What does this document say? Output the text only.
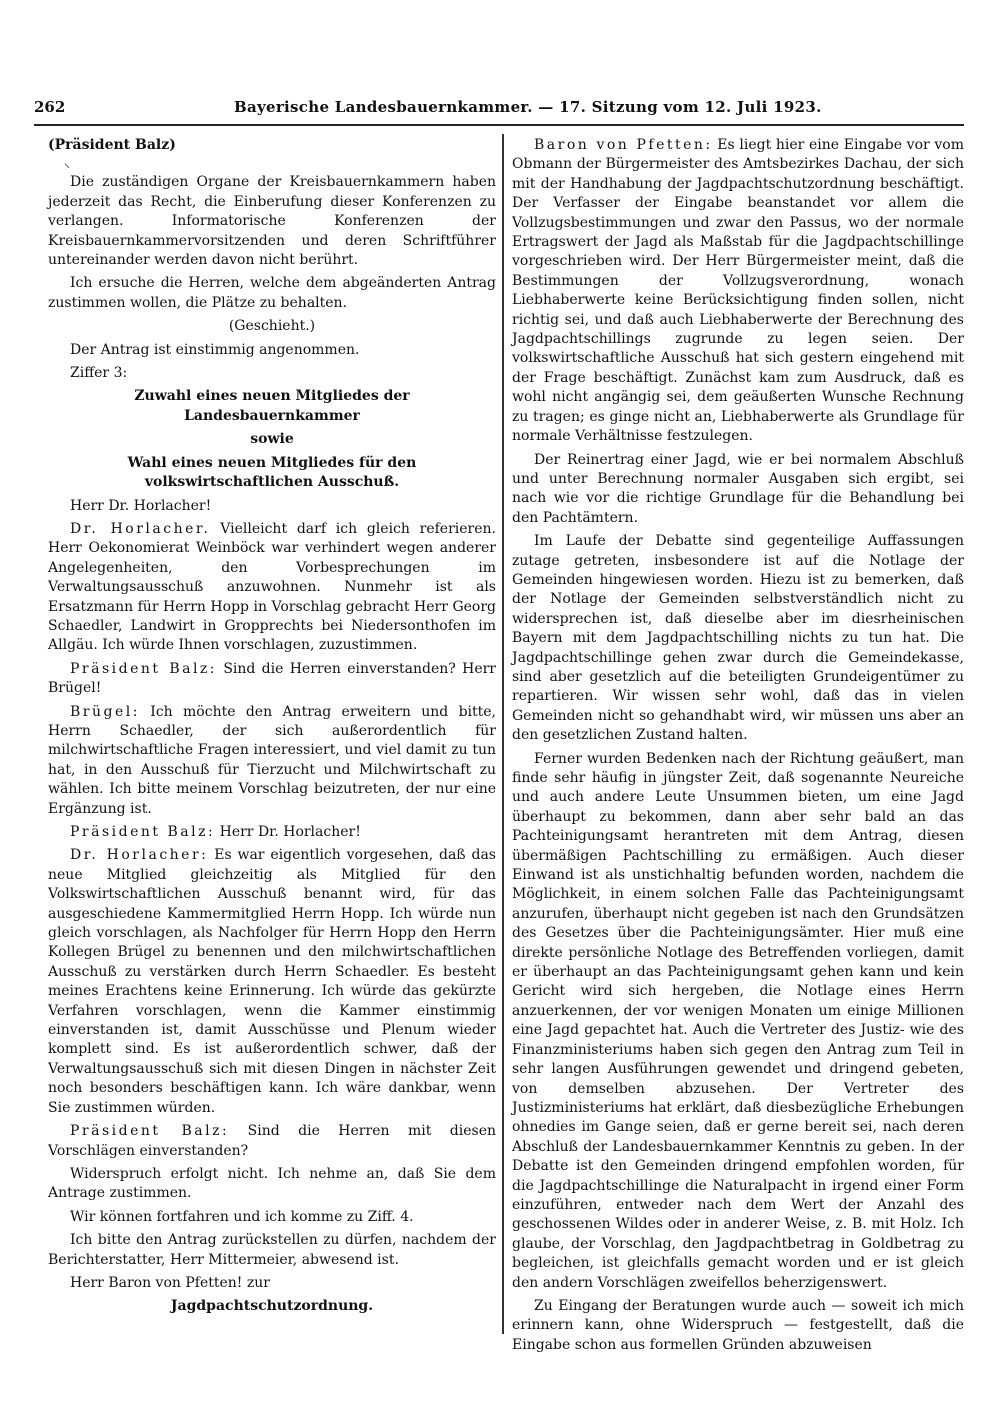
262	Bayerische Landesbauernkammer. — 17. Sitzung vom 12. Juli 1923.

(Präsident Balz)

⸌

Die zuständigen Organe der Kreisbauernkammern haben jederzeit das Recht, die Einberufung dieser Konferenzen zu verlangen. Informatorische Konferenzen der Kreisbauernkammervorsitzenden und deren Schriftführer untereinander werden davon nicht berührt.

Ich ersuche die Herren, welche dem abgeänderten Antrag zustimmen wollen, die Plätze zu behalten.

(Geschieht.)

Der Antrag ist einstimmig angenommen.

Ziffer 3:

Zuwahl eines neuen Mitgliedes der Landesbauernkammer

sowie

Wahl eines neuen Mitgliedes für den volkswirtschaftlichen Ausschuß.

Herr Dr. Horlacher!

Dr. Horlacher. Vielleicht darf ich gleich referieren. Herr Oekonomierat Weinböck war verhindert wegen anderer Angelegenheiten, den Vorbesprechungen im Verwaltungsausschuß anzuwohnen. Nunmehr ist als Ersatzmann für Herrn Hopp in Vorschlag gebracht Herr Georg Schaedler, Landwirt in Gropprechts bei Niedersonthofen im Allgäu. Ich würde Ihnen vorschlagen, zuzustimmen.

Präsident Balz: Sind die Herren einverstanden? Herr Brügel!

Brügel: Ich möchte den Antrag erweitern und bitte, Herrn Schaedler, der sich außerordentlich für milchwirtschaftliche Fragen interessiert, und viel damit zu tun hat, in den Ausschuß für Tierzucht und Milchwirtschaft zu wählen. Ich bitte meinem Vorschlag beizutreten, der nur eine Ergänzung ist.

Präsident Balz: Herr Dr. Horlacher!

Dr. Horlacher: Es war eigentlich vorgesehen, daß das neue Mitglied gleichzeitig als Mitglied für den Volkswirtschaftlichen Ausschuß benannt wird, für das ausgeschiedene Kammermitglied Herrn Hopp. Ich würde nun gleich vorschlagen, als Nachfolger für Herrn Hopp den Herrn Kollegen Brügel zu benennen und den milchwirtschaftlichen Ausschuß zu verstärken durch Herrn Schaedler. Es besteht meines Erachtens keine Erinnerung. Ich würde das gekürzte Verfahren vorschlagen, wenn die Kammer einstimmig einverstanden ist, damit Ausschüsse und Plenum wieder komplett sind. Es ist außerordentlich schwer, daß der Verwaltungsausschuß sich mit diesen Dingen in nächster Zeit noch besonders beschäftigen kann. Ich wäre dankbar, wenn Sie zustimmen würden.

Präsident Balz: Sind die Herren mit diesen Vorschlägen einverstanden?

Widerspruch erfolgt nicht. Ich nehme an, daß Sie dem Antrage zustimmen.

Wir können fortfahren und ich komme zu Ziff. 4.

Ich bitte den Antrag zurückstellen zu dürfen, nachdem der Berichterstatter, Herr Mittermeier, abwesend ist.

Herr Baron von Pfetten! zur

Jagdpachtschutzordnung.

Baron von Pfetten: Es liegt hier eine Eingabe vor vom Obmann der Bürgermeister des Amtsbezirkes Dachau, der sich mit der Handhabung der Jagdpachtschutzordnung beschäftigt. Der Verfasser der Eingabe beanstandet vor allem die Vollzugsbestimmungen und zwar den Passus, wo der normale Ertragswert der Jagd als Maßstab für die Jagdpachtschillinge vorgeschrieben wird. Der Herr Bürgermeister meint, daß die Bestimmungen der Vollzugsverordnung, wonach Liebhaberwerte keine Berücksichtigung finden sollen, nicht richtig sei, und daß auch Liebhaberwerte der Berechnung des Jagdpachtschillings zugrunde zu legen seien. Der volkswirtschaftliche Ausschuß hat sich gestern eingehend mit der Frage beschäftigt. Zunächst kam zum Ausdruck, daß es wohl nicht angängig sei, dem geäußerten Wunsche Rechnung zu tragen; es ginge nicht an, Liebhaberwerte als Grundlage für normale Verhältnisse festzulegen.

Der Reinertrag einer Jagd, wie er bei normalem Abschluß und unter Berechnung normaler Ausgaben sich ergibt, sei nach wie vor die richtige Grundlage für die Behandlung bei den Pachtämtern.

Im Laufe der Debatte sind gegenteilige Auffassungen zutage getreten, insbesondere ist auf die Notlage der Gemeinden hingewiesen worden. Hiezu ist zu bemerken, daß der Notlage der Gemeinden selbstverständlich nicht zu widersprechen ist, daß dieselbe aber im diesrheinischen Bayern mit dem Jagdpachtschilling nichts zu tun hat. Die Jagdpachtschillinge gehen zwar durch die Gemeindekasse, sind aber gesetzlich auf die beteiligten Grundeigentümer zu repartieren. Wir wissen sehr wohl, daß das in vielen Gemeinden nicht so gehandhabt wird, wir müssen uns aber an den gesetzlichen Zustand halten.

Ferner wurden Bedenken nach der Richtung geäußert, man finde sehr häufig in jüngster Zeit, daß sogenannte Neureiche und auch andere Leute Unsummen bieten, um eine Jagd überhaupt zu bekommen, dann aber sehr bald an das Pachteinigungsamt herantreten mit dem Antrag, diesen übermäßigen Pachtschilling zu ermäßigen. Auch dieser Einwand ist als unstichhaltig befunden worden, nachdem die Möglichkeit, in einem solchen Falle das Pachteinigungsamt anzurufen, überhaupt nicht gegeben ist nach den Grundsätzen des Gesetzes über die Pachteinigungsämter. Hier muß eine direkte persönliche Notlage des Betreffenden vorliegen, damit er überhaupt an das Pachteinigungsamt gehen kann und kein Gericht wird sich hergeben, die Notlage eines Herrn anzuerkennen, der vor wenigen Monaten um einige Millionen eine Jagd gepachtet hat. Auch die Vertreter des Justiz- wie des Finanzministeriums haben sich gegen den Antrag zum Teil in sehr langen Ausführungen gewendet und dringend gebeten, von demselben abzusehen. Der Vertreter des Justizministeriums hat erklärt, daß diesbezügliche Erhebungen ohnedies im Gange seien, daß er gerne bereit sei, nach deren Abschluß der Landesbauernkammer Kenntnis zu geben. In der Debatte ist den Gemeinden dringend empfohlen worden, für die Jagdpachtschillinge die Naturalpacht in irgend einer Form einzuführen, entweder nach dem Wert der Anzahl des geschossenen Wildes oder in anderer Weise, z. B. mit Holz. Ich glaube, der Vorschlag, den Jagdpachtbetrag in Goldbetrag zu begleichen, ist gleichfalls gemacht worden und er ist gleich den andern Vorschlägen zweifellos beherzigenswert.

Zu Eingang der Beratungen wurde auch — soweit ich mich erinnern kann, ohne Widerspruch — festgestellt, daß die Eingabe schon aus formellen Gründen abzuweisen
